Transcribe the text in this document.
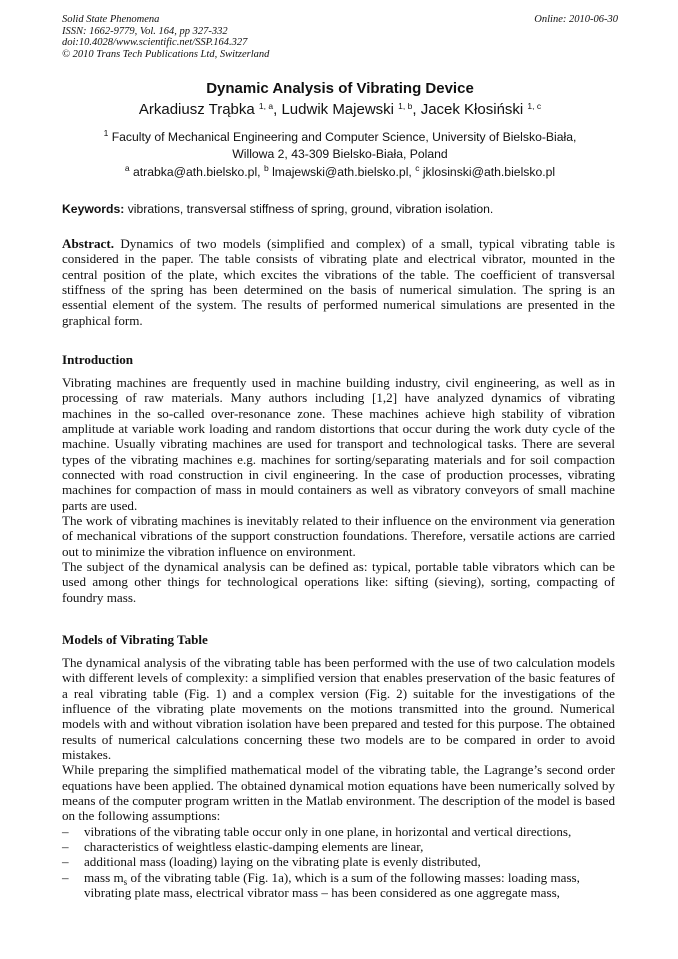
Solid State Phenomena
ISSN: 1662-9779, Vol. 164, pp 327-332
doi:10.4028/www.scientific.net/SSP.164.327
© 2010 Trans Tech Publications Ltd, Switzerland
Online: 2010-06-30
Dynamic Analysis of Vibrating Device
Arkadiusz Trąbka $^{1, a}$, Ludwik Majewski $^{1, b}$, Jacek Kłosiński $^{1, c}$
$^1$ Faculty of Mechanical Engineering and Computer Science, University of Bielsko-Biała,
Willowa 2, 43-309 Bielsko-Biała, Poland
$^a$ atrabka@ath.bielsko.pl, $^b$ lmajewski@ath.bielsko.pl, $^c$ jklosinski@ath.bielsko.pl
Keywords: vibrations, transversal stiffness of spring, ground, vibration isolation.

Abstract. Dynamics of two models (simplified and complex) of a small, typical vibrating table is considered in the paper. The table consists of vibrating plate and electrical vibrator, mounted in the central position of the plate, which excites the vibrations of the table. The coefficient of transversal stiffness of the spring has been determined on the basis of numerical simulation. The spring is an essential element of the system. The results of performed numerical simulations are presented in the graphical form.

Introduction

Vibrating machines are frequently used in machine building industry, civil engineering, as well as in processing of raw materials. Many authors including [1,2] have analyzed dynamics of vibrating machines in the so-called over-resonance zone. These machines achieve high stability of vibration amplitude at variable work loading and random distortions that occur during the work duty cycle of the machine. Usually vibrating machines are used for transport and technological tasks. There are several types of the vibrating machines e.g. machines for sorting/separating materials and for soil compaction connected with road construction in civil engineering. In the case of production processes, vibrating machines for compaction of mass in mould containers as well as vibratory conveyors of small machine parts are used.

The work of vibrating machines is inevitably related to their influence on the environment via generation of mechanical vibrations of the support construction foundations. Therefore, versatile actions are carried out to minimize the vibration influence on environment.

The subject of the dynamical analysis can be defined as: typical, portable table vibrators which can be used among other things for technological operations like: sifting (sieving), sorting, compacting of foundry mass.

Models of Vibrating Table

The dynamical analysis of the vibrating table has been performed with the use of two calculation models with different levels of complexity: a simplified version that enables preservation of the basic features of a real vibrating table (Fig. 1) and a complex version (Fig. 2) suitable for the investigations of the influence of the vibrating plate movements on the motions transmitted into the ground. Numerical models with and without vibration isolation have been prepared and tested for this purpose. The obtained results of numerical calculations concerning these two models are to be compared in order to avoid mistakes.

While preparing the simplified mathematical model of the vibrating table, the Lagrange’s second order equations have been applied. The obtained dynamical motion equations have been numerically solved by means of the computer program written in the Matlab environment. The description of the model is based on the following assumptions:

– vibrations of the vibrating table occur only in one plane, in horizontal and vertical directions,
– characteristics of weightless elastic-damping elements are linear,
– additional mass (loading) laying on the vibrating plate is evenly distributed,
– mass $m_s$ of the vibrating table (Fig. 1a), which is a sum of the following masses: loading mass, vibrating plate mass, electrical vibrator mass – has been considered as one aggregate mass,
